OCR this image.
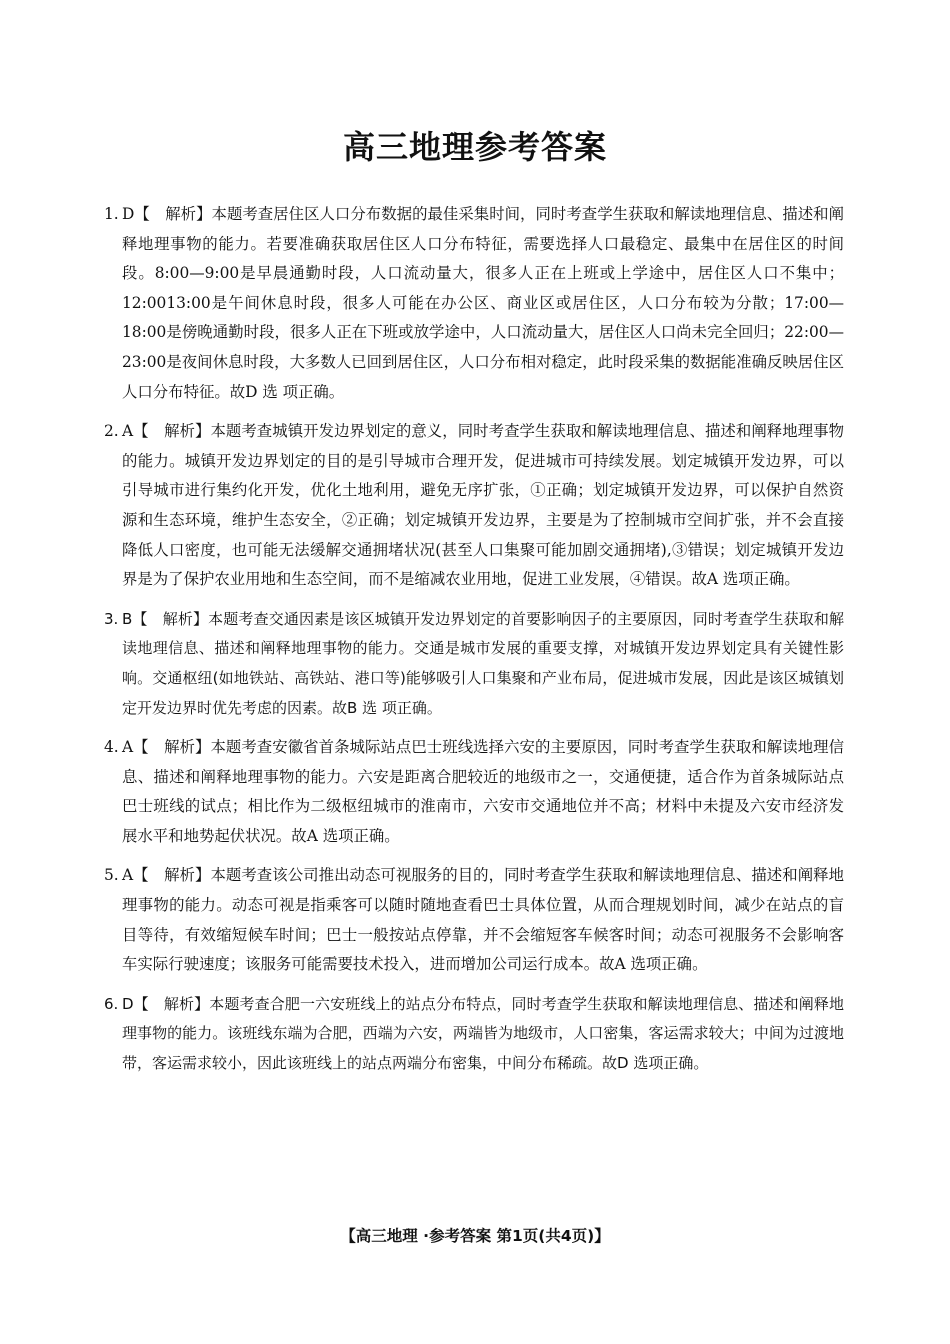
高三地理参考答案
1. D【　解析】本题考查居住区人口分布数据的最佳采集时间，同时考查学生获取和解读地理信息、描述和阐释地理事物的能力。若要准确获取居住区人口分布特征，需要选择人口最稳定、最集中在居住区的时间段。8:00—9:00是早晨通勤时段，人口流动量大，很多人正在上班或上学途中，居住区人口不集中；12:0013:00是午间休息时段，很多人可能在办公区、商业区或居住区，人口分布较为分散；17:00—18:00是傍晚通勤时段，很多人正在下班或放学途中，人口流动量大，居住区人口尚未完全回归；22:00—23:00是夜间休息时段，大多数人已回到居住区，人口分布相对稳定，此时段采集的数据能准确反映居住区人口分布特征。故D 选 项正确。
2. A【　解析】本题考查城镇开发边界划定的意义，同时考查学生获取和解读地理信息、描述和阐释地理事物的能力。城镇开发边界划定的目的是引导城市合理开发，促进城市可持续发展。划定城镇开发边界，可以引导城市进行集约化开发，优化土地利用，避免无序扩张，①正确；划定城镇开发边界，可以保护自然资源和生态环境，维护生态安全，②正确；划定城镇开发边界，主要是为了控制城市空间扩张，并不会直接降低人口密度，也可能无法缓解交通拥堵状况(甚至人口集聚可能加剧交通拥堵),③错误；划定城镇开发边界是为了保护农业用地和生态空间，而不是缩减农业用地，促进工业发展，④错误。故A 选项正确。
3. B【　解析】本题考查交通因素是该区城镇开发边界划定的首要影响因子的主要原因，同时考查学生获取和解读地理信息、描述和阐释地理事物的能力。交通是城市发展的重要支撑，对城镇开发边界划定具有关键性影响。交通枢纽(如地铁站、高铁站、港口等)能够吸引人口集聚和产业布局，促进城市发展，因此是该区城镇划定开发边界时优先考虑的因素。故B 选 项正确。
4. A【　解析】本题考查安徽省首条城际站点巴士班线选择六安的主要原因，同时考查学生获取和解读地理信息、描述和阐释地理事物的能力。六安是距离合肥较近的地级市之一，交通便捷，适合作为首条城际站点巴士班线的试点；相比作为二级枢纽城市的淮南市，六安市交通地位并不高；材料中未提及六安市经济发展水平和地势起伏状况。故A 选项正确。
5. A【　解析】本题考查该公司推出动态可视服务的目的，同时考查学生获取和解读地理信息、描述和阐释地理事物的能力。动态可视是指乘客可以随时随地查看巴士具体位置，从而合理规划时间，减少在站点的盲目等待，有效缩短候车时间；巴士一般按站点停靠，并不会缩短客车候客时间；动态可视服务不会影响客车实际行驶速度；该服务可能需要技术投入，进而增加公司运行成本。故A 选项正确。
6. D【　解析】本题考查合肥一六安班线上的站点分布特点，同时考查学生获取和解读地理信息、描述和阐释地理事物的能力。该班线东端为合肥，西端为六安，两端皆为地级市，人口密集，客运需求较大；中间为过渡地带，客运需求较小，因此该班线上的站点两端分布密集，中间分布稀疏。故D 选项正确。
【高三地理 ·参考答案 第1页(共4页)】
